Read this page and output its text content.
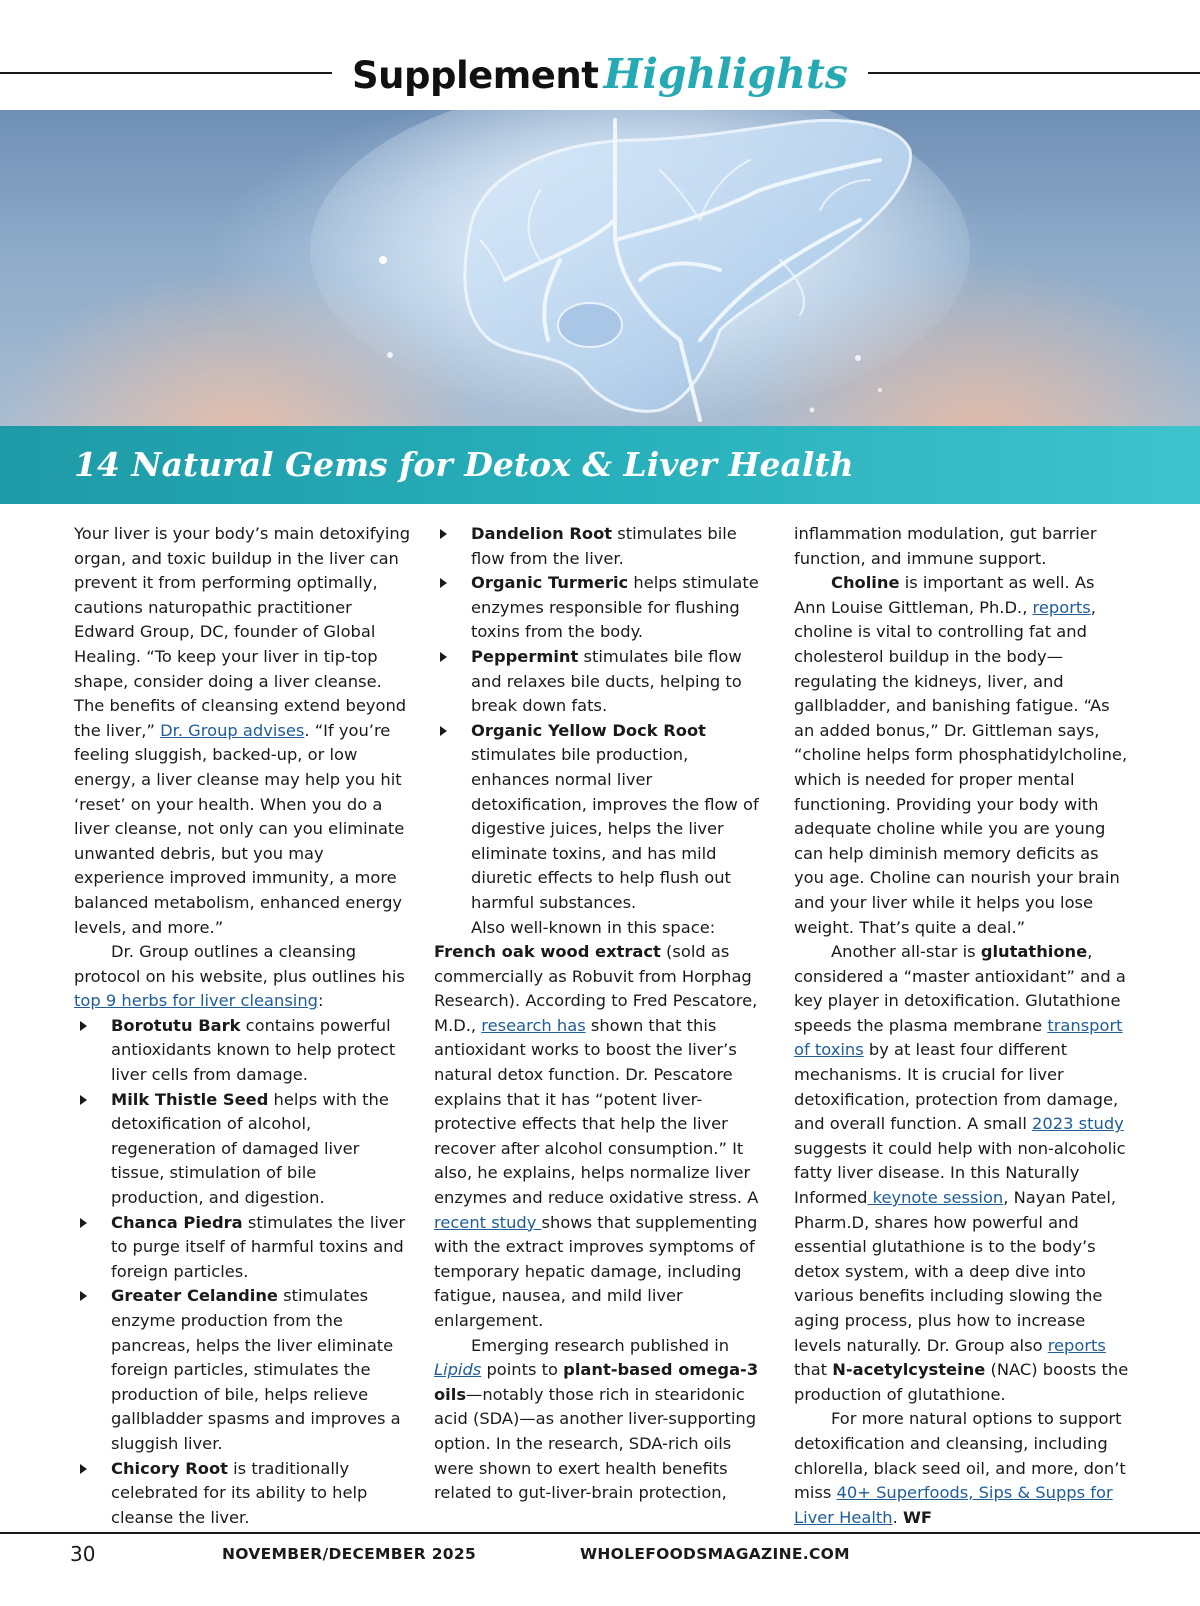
Supplement Highlights
14 Natural Gems for Detox & Liver Health

Your liver is your body’s main detoxifying organ, and toxic buildup in the liver can prevent it from performing optimally, cautions naturopathic practitioner Edward Group, DC, founder of Global Healing. “To keep your liver in tip-top shape, consider doing a liver cleanse. The benefits of cleansing extend beyond the liver,” Dr. Group advises. “If you’re feeling sluggish, backed-up, or low energy, a liver cleanse may help you hit ‘reset’ on your health. When you do a liver cleanse, not only can you eliminate unwanted debris, but you may experience improved immunity, a more balanced metabolism, enhanced energy levels, and more.”

Dr. Group outlines a cleansing protocol on his website, plus outlines his top 9 herbs for liver cleansing:

Borotutu Bark contains powerful antioxidants known to help protect liver cells from damage.
Milk Thistle Seed helps with the detoxification of alcohol, regeneration of damaged liver tissue, stimulation of bile production, and digestion.
Chanca Piedra stimulates the liver to purge itself of harmful toxins and foreign particles.
Greater Celandine stimulates enzyme production from the pancreas, helps the liver eliminate foreign particles, stimulates the production of bile, helps relieve gallbladder spasms and improves a sluggish liver.
Chicory Root is traditionally celebrated for its ability to help cleanse the liver.
Dandelion Root stimulates bile flow from the liver.
Organic Turmeric helps stimulate enzymes responsible for flushing toxins from the body.
Peppermint stimulates bile flow and relaxes bile ducts, helping to break down fats.
Organic Yellow Dock Root stimulates bile production, enhances normal liver detoxification, improves the flow of digestive juices, helps the liver eliminate toxins, and has mild diuretic effects to help flush out harmful substances.

Also well-known in this space:

French oak wood extract (sold as commercially as Robuvit from Horphag Research). According to Fred Pescatore, M.D., research has shown that this antioxidant works to boost the liver’s natural detox function. Dr. Pescatore explains that it has “potent liver-protective effects that help the liver recover after alcohol consumption.” It also, he explains, helps normalize liver enzymes and reduce oxidative stress. A recent study shows that supplementing with the extract improves symptoms of temporary hepatic damage, including fatigue, nausea, and mild liver enlargement.

Emerging research published in Lipids points to plant-based omega-3 oils—notably those rich in stearidonic acid (SDA)—as another liver-supporting option. In the research, SDA-rich oils were shown to exert health benefits related to gut-liver-brain protection,

inflammation modulation, gut barrier function, and immune support.

Choline is important as well. As Ann Louise Gittleman, Ph.D., reports, choline is vital to controlling fat and cholesterol buildup in the body—regulating the kidneys, liver, and gallbladder, and banishing fatigue. “As an added bonus,” Dr. Gittleman says, “choline helps form phosphatidylcholine, which is needed for proper mental functioning. Providing your body with adequate choline while you are young can help diminish memory deficits as you age. Choline can nourish your brain and your liver while it helps you lose weight. That’s quite a deal.”

Another all-star is glutathione, considered a “master antioxidant” and a key player in detoxification. Glutathione speeds the plasma membrane transport of toxins by at least four different mechanisms. It is crucial for liver detoxification, protection from damage, and overall function. A small 2023 study suggests it could help with non-alcoholic fatty liver disease. In this Naturally Informed keynote session, Nayan Patel, Pharm.D, shares how powerful and essential glutathione is to the body’s detox system, with a deep dive into various benefits including slowing the aging process, plus how to increase levels naturally. Dr. Group also reports that N-acetylcysteine (NAC) boosts the production of glutathione.

For more natural options to support detoxification and cleansing, including chlorella, black seed oil, and more, don’t miss 40+ Superfoods, Sips & Supps for Liver Health. WF

30	NOVEMBER/DECEMBER 2025	WHOLEFOODSMAGAZINE.COM
